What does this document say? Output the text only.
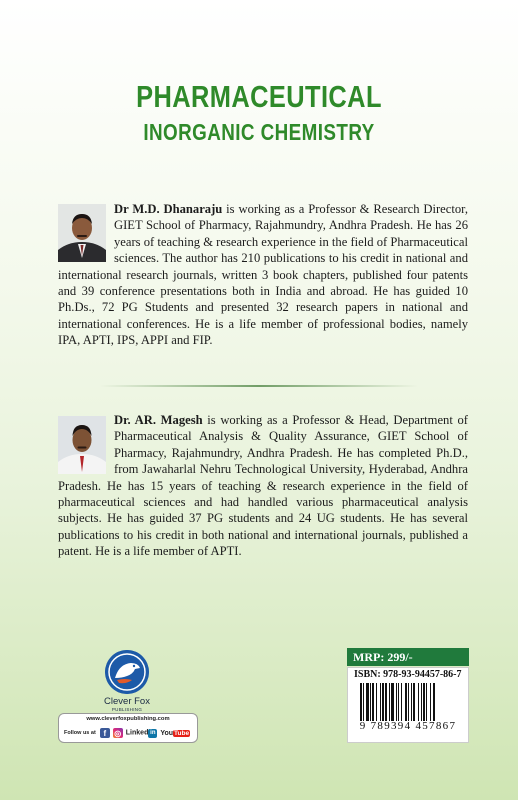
PHARMACEUTICAL
INORGANIC CHEMISTRY
Dr M.D. Dhanaraju is working as a Professor & Research Director, GIET School of Pharmacy, Rajahmundry, Andhra Pradesh. He has 26 years of teaching & research experience in the field of Pharmaceutical sciences. The author has 210 publications to his credit in national and international research journals, written 3 book chapters, published four patents and 39 conference presentations both in India and abroad. He has guided 10 Ph.Ds., 72 PG Students and presented 32 research papers in national and international conferences. He is a life member of professional bodies, namely IPA, APTI, IPS, APPI and FIP.
Dr. AR. Magesh is working as a Professor & Head, Department of Pharmaceutical Analysis & Quality Assurance, GIET School of Pharmacy, Rajahmundry, Andhra Pradesh. He has completed Ph.D., from Jawaharlal Nehru Technological University, Hyderabad, Andhra Pradesh. He has 15 years of teaching & research experience in the field of pharmaceutical sciences and had handled various pharmaceutical analysis subjects. He has guided 37 PG students and 24 UG students. He has several publications to his credit in both national and international journals, published a patent. He is a life member of APTI.
Clever Fox
PUBLISHING
www.cleverfoxpublishing.com
Follow us at f	◎ Linked in YouTube
MRP: 299/-
ISBN: 978-93-94457-86-7
9 789394 457867
